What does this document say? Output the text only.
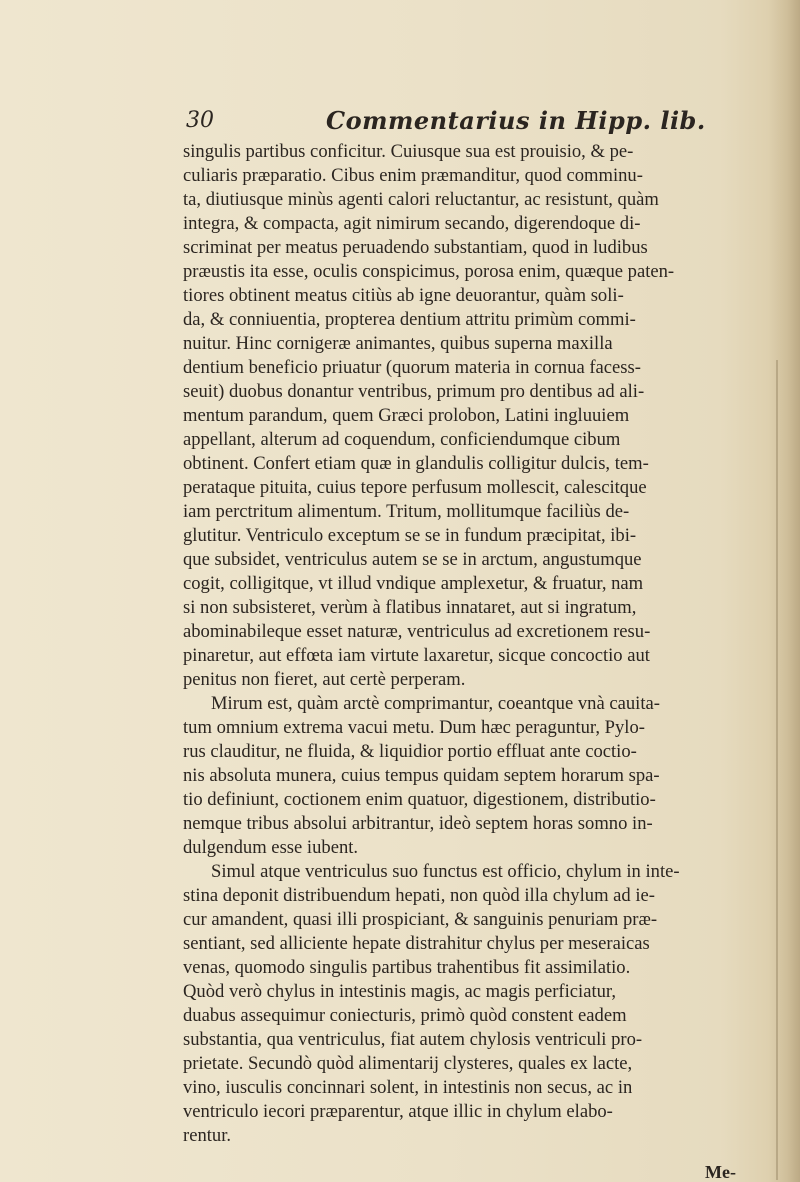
30	Commentarius in Hipp. lib.
singulis partibus conficitur. Cuiusque sua est prouisio, & pe-
culiaris præparatio. Cibus enim præmanditur, quod comminu-
ta, diutiusque minùs agenti calori reluctantur, ac resistunt, quàm
integra, & compacta, agit nimirum secando, digerendoque di-
scriminat per meatus peruadendo substantiam, quod in ludibus
præustis ita esse, oculis conspicimus, porosa enim, quæque paten-
tiores obtinent meatus citiùs ab igne deuorantur, quàm soli-
da, & conniuentia, propterea dentium attritu primùm commi-
nuitur. Hinc cornigeræ animantes, quibus superna maxilla
dentium beneficio priuatur (quorum materia in cornua facess-
seuit) duobus donantur ventribus, primum pro dentibus ad ali-
mentum parandum, quem Græci prolobon, Latini ingluuiem
appellant, alterum ad coquendum, conficiendumque cibum
obtinent. Confert etiam quæ in glandulis colligitur dulcis, tem-
perataque pituita, cuius tepore perfusum mollescit, calescitque
iam perctritum alimentum. Tritum, mollitumque faciliùs de-
glutitur. Ventriculo exceptum se se in fundum præcipitat, ibi-
que subsidet, ventriculus autem se se in arctum, angustumque
cogit, colligitque, vt illud vndique amplexetur, & fruatur, nam
si non subsisteret, verùm à flatibus innataret, aut si ingratum,
abominabileque esset naturæ, ventriculus ad excretionem resu-
pinaretur, aut effœta iam virtute laxaretur, sicque concoctio aut
penitus non fieret, aut certè perperam.
Mirum est, quàm arctè comprimantur, coeantque vnà cauita-
tum omnium extrema vacui metu. Dum hæc peraguntur, Pylo-
rus clauditur, ne fluida, & liquidior portio effluat ante coctio-
nis absoluta munera, cuius tempus quidam septem horarum spa-
tio definiunt, coctionem enim quatuor, digestionem, distributio-
nemque tribus absolui arbitrantur, ideò septem horas somno in-
dulgendum esse iubent.
Simul atque ventriculus suo functus est officio, chylum in inte-
stina deponit distribuendum hepati, non quòd illa chylum ad ie-
cur amandent, quasi illi prospiciant, & sanguinis penuriam præ-
sentiant, sed alliciente hepate distrahitur chylus per meseraicas
venas, quomodo singulis partibus trahentibus fit assimilatio.
Quòd verò chylus in intestinis magis, ac magis perficiatur,
duabus assequimur coniecturis, primò quòd constent eadem
substantia, qua ventriculus, fiat autem chylosis ventriculi pro-
prietate. Secundò quòd alimentarij clysteres, quales ex lacte,
vino, iusculis concinnari solent, in intestinis non secus, ac in
ventriculo iecori præparentur, atque illic in chylum elabo-
rentur.
Me-
